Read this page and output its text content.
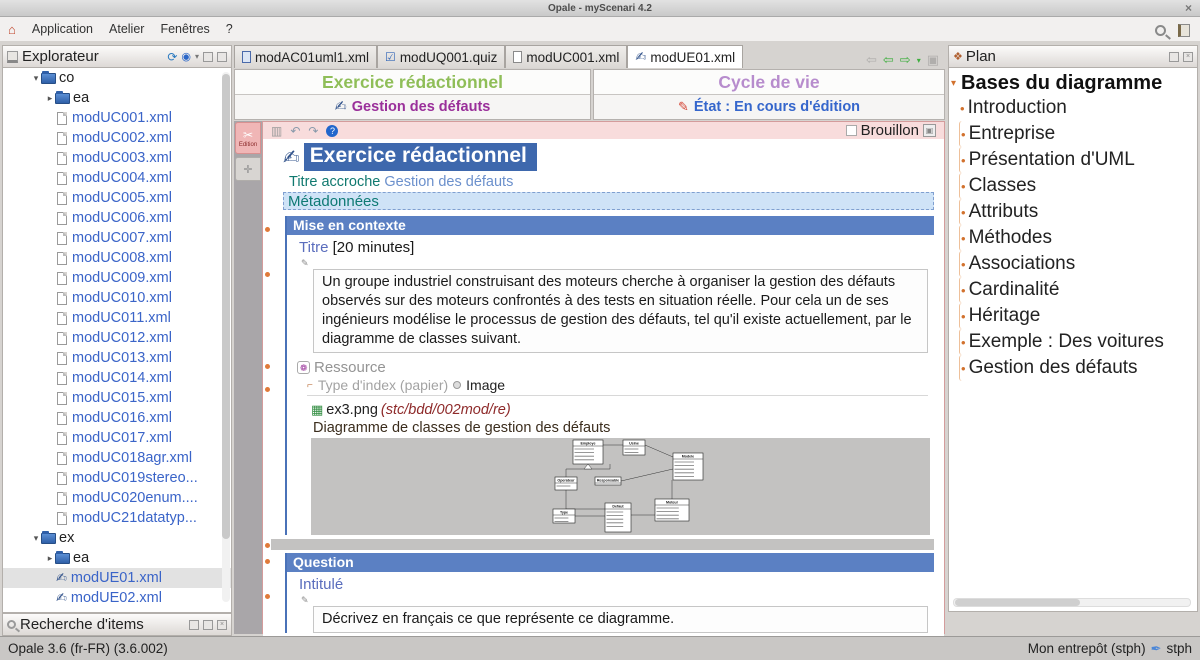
Opale - myScenari 4.2	×
⌂ Application Atelier Fenêtres ?
Explorateur	⟳ ◉ ▾
▾ co
▸ ea
modUC001.xml
modUC002.xml
modUC003.xml
modUC004.xml
modUC005.xml
modUC006.xml
modUC007.xml
modUC008.xml
modUC009.xml
modUC010.xml
modUC011.xml
modUC012.xml
modUC013.xml
modUC014.xml
modUC015.xml
modUC016.xml
modUC017.xml
modUC018agr.xml
modUC019stereo...
modUC020enum....
modUC21datatyp...
▾ ex
▸ ea
✍ modUE01.xml
✍ modUE02.xml
Recherche d'items	×
modAC01uml1.xml ☑ modUQ001.quiz modUC001.xml ✍ modUE01.xml	⇦ ⇦ ⇨ ▾ ▣
Exercice rédactionnel
✍ Gestion des défauts
Cycle de vie
✎ État : En cours d'édition
✂
Edition
✛
▥ ↶ ↷	?	Brouillon ▣
✍ Exercice rédactionnel
Titre accroche Gestion des défauts
Métadonnées
Mise en contexte
Titre [20 minutes]
✎
Un groupe industriel construisant des moteurs cherche à organiser la gestion des défauts observés sur des moteurs confrontés à des tests en situation réelle. Pour cela un de ses ingénieurs modélise le processus de gestion des défauts, tel qu'il existe actuellement, par le diagramme de classes suivant.
❁ Ressource
⌐ Type d'index (papier) Image
▦ ex3.png (stc/bdd/002mod/re)
Diagramme de classes de gestion des défauts
Employe	Usine
Modele
Operateur	Responsable
Type
Defaut
Moteur
Question
Intitulé
✎
Décrivez en français ce que représente ce diagramme.
❖ Plan	×
▾ Bases du diagramme
• Introduction
• Entreprise
• Présentation d'UML
• Classes
• Attributs
• Méthodes
• Associations
• Cardinalité
• Héritage
• Exemple : Des voitures
• Gestion des défauts
Opale 3.6 (fr-FR) (3.6.002)	Mon entrepôt (stph) ✒ stph
